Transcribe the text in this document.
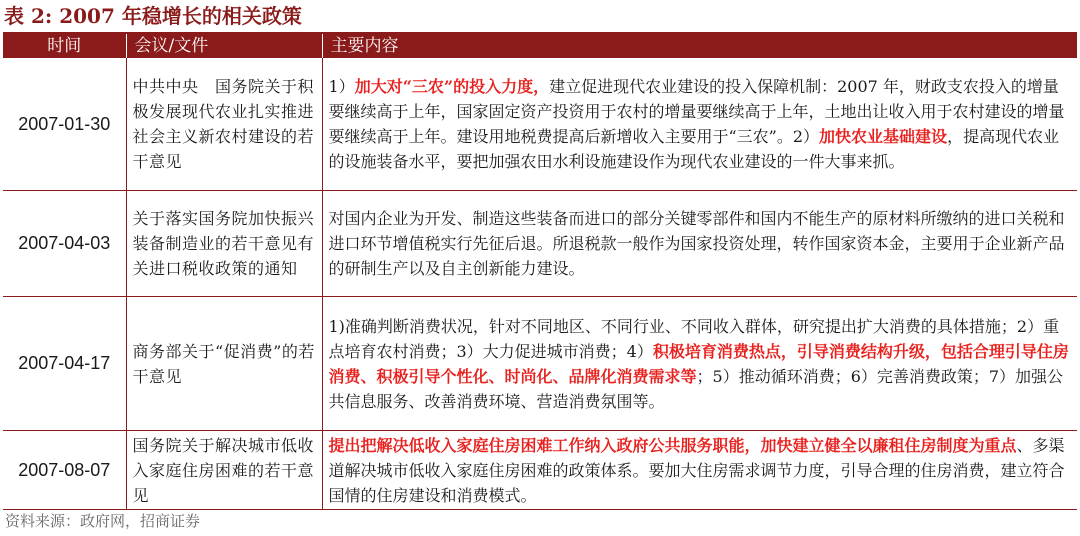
表 2: 2007 年稳增长的相关政策
时间	会议/文件	主要内容
2007-01-30	中共中央　国务院关于积极发展现代农业扎实推进社会主义新农村建设的若干意见	1）加大对“三农”的投入力度，建立促进现代农业建设的投入保障机制：2007 年，财政支农投入的增量要继续高于上年，国家固定资产投资用于农村的增量要继续高于上年，土地出让收入用于农村建设的增量要继续高于上年。建设用地税费提高后新增收入主要用于“三农”。2）加快农业基础建设，提高现代农业的设施装备水平，要把加强农田水利设施建设作为现代农业建设的一件大事来抓。
2007-04-03	关于落实国务院加快振兴装备制造业的若干意见有关进口税收政策的通知	对国内企业为开发、制造这些装备而进口的部分关键零部件和国内不能生产的原材料所缴纳的进口关税和进口环节增值税实行先征后退。所退税款一般作为国家投资处理，转作国家资本金，主要用于企业新产品的研制生产以及自主创新能力建设。
2007-04-17	商务部关于“促消费”的若干意见	1)准确判断消费状况，针对不同地区、不同行业、不同收入群体，研究提出扩大消费的具体措施；2）重点培育农村消费；3）大力促进城市消费；4）积极培育消费热点，引导消费结构升级，包括合理引导住房消费、积极引导个性化、时尚化、品牌化消费需求等；5）推动循环消费；6）完善消费政策；7）加强公共信息服务、改善消费环境、营造消费氛围等。
2007-08-07	国务院关于解决城市低收入家庭住房困难的若干意见	提出把解决低收入家庭住房困难工作纳入政府公共服务职能，加快建立健全以廉租住房制度为重点、多渠道解决城市低收入家庭住房困难的政策体系。要加大住房需求调节力度，引导合理的住房消费，建立符合国情的住房建设和消费模式。
资料来源：政府网，招商证券
